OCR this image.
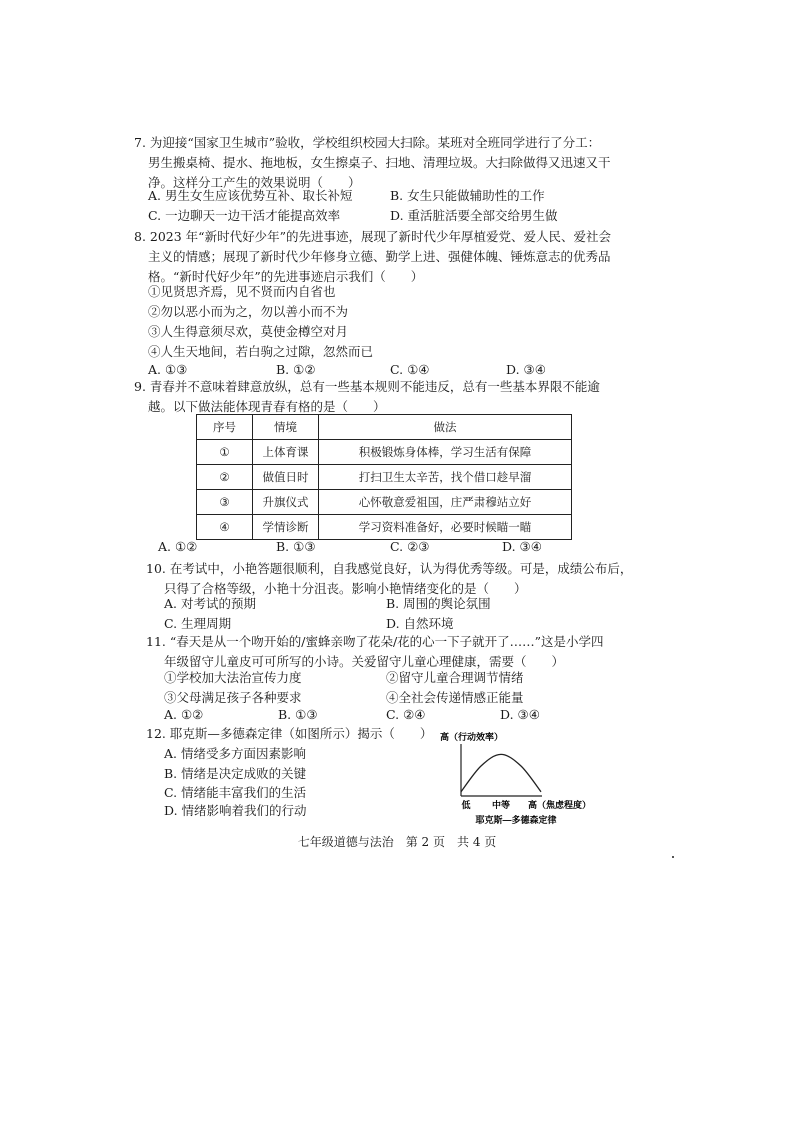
7. 为迎接“国家卫生城市”验收，学校组织校园大扫除。某班对全班同学进行了分工：
男生搬桌椅、提水、拖地板，女生擦桌子、扫地、清理垃圾。大扫除做得又迅速又干
净。这样分工产生的效果说明（　　）
A. 男生女生应该优势互补、取长补短	B. 女生只能做辅助性的工作
C. 一边聊天一边干活才能提高效率	D. 重活脏活要全部交给男生做
8. 2023 年“新时代好少年”的先进事迹，展现了新时代少年厚植爱党、爱人民、爱社会
主义的情感；展现了新时代少年修身立德、勤学上进、强健体魄、锤炼意志的优秀品
格。“新时代好少年”的先进事迹启示我们（　　）
①见贤思齐焉，见不贤而内自省也
②勿以恶小而为之，勿以善小而不为
③人生得意须尽欢，莫使金樽空对月
④人生天地间，若白驹之过隙，忽然而已
A. ①③	B. ①②	C. ①④	D. ③④
9. 青春并不意味着肆意放纵，总有一些基本规则不能违反，总有一些基本界限不能逾
越。以下做法能体现青春有格的是（　　）
序号	情境	做法
①	上体育课	积极锻炼身体棒，学习生活有保障
②	做值日时	打扫卫生太辛苦，找个借口趁早溜
③	升旗仪式	心怀敬意爱祖国，庄严肃穆站立好
④	学情诊断	学习资料准备好，必要时候瞄一瞄
A. ①②	B. ①③	C. ②③	D. ③④
10. 在考试中，小艳答题很顺利，自我感觉良好，认为得优秀等级。可是，成绩公布后，
只得了合格等级，小艳十分沮丧。影响小艳情绪变化的是（　　）
A. 对考试的预期	B. 周围的舆论氛围
C. 生理周期	D. 自然环境
11. “春天是从一个吻开始的/蜜蜂亲吻了花朵/花的心一下子就开了……”这是小学四
年级留守儿童皮可可所写的小诗。关爱留守儿童心理健康，需要（　　）
①学校加大法治宣传力度	②留守儿童合理调节情绪
③父母满足孩子各种要求	④全社会传递情感正能量
A. ①②	B. ①③	C. ②④	D. ③④
12. 耶克斯—多德森定律（如图所示）揭示（　　）
A. 情绪受多方面因素影响
B. 情绪是决定成败的关键
C. 情绪能丰富我们的生活
D. 情绪影响着我们的行动
高（行动效率）
低 中等 高（焦虑程度）
耶克斯—多德森定律
七年级道德与法治　第 2 页　共 4 页
